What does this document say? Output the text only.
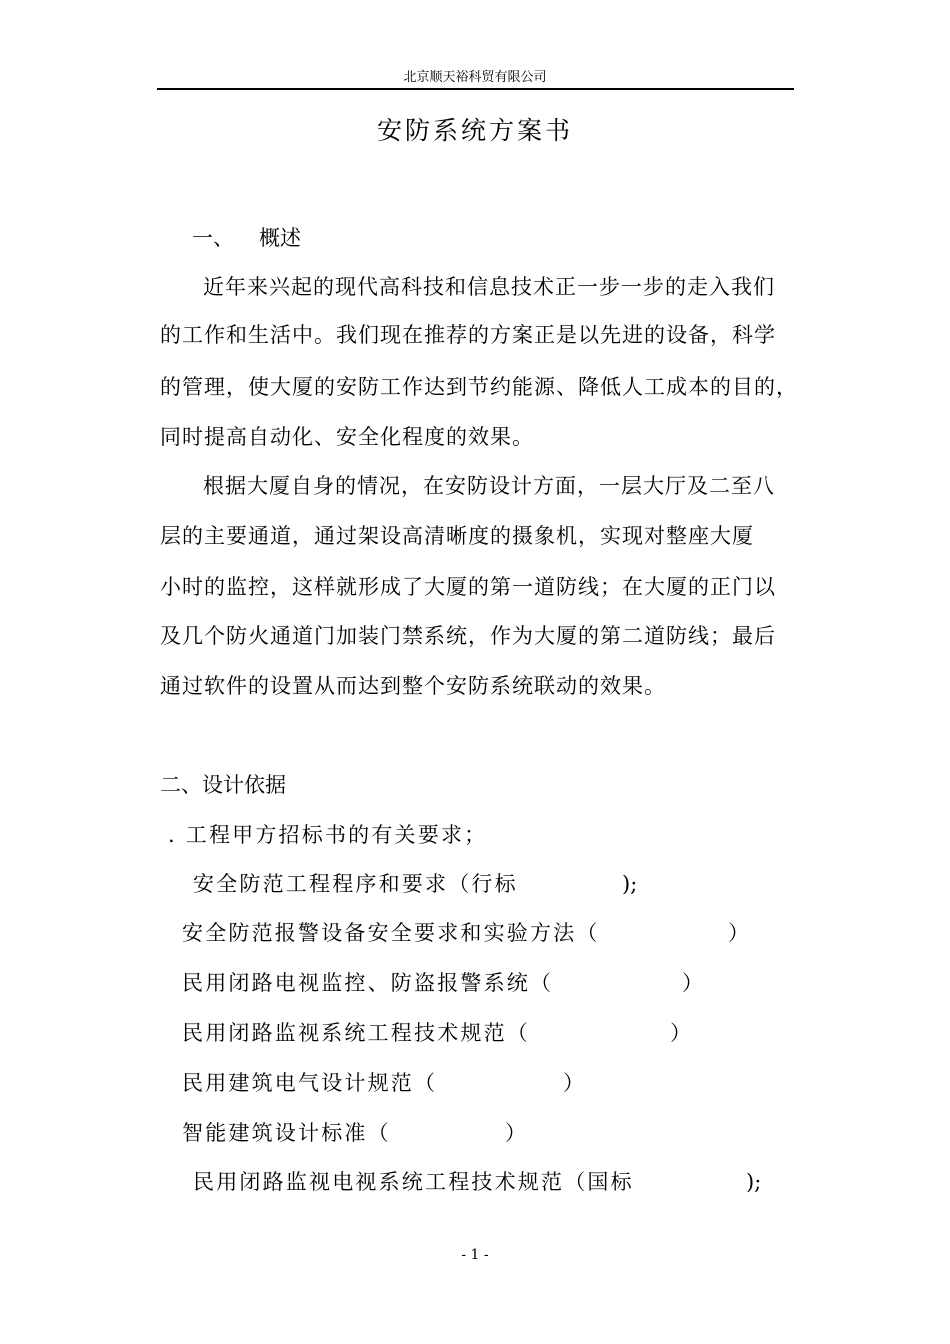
北京顺天裕科贸有限公司
安防系统方案书
一、 概述
近年来兴起的现代高科技和信息技术正一步一步的走入我们
的工作和生活中。我们现在推荐的方案正是以先进的设备，科学
的管理，使大厦的安防工作达到节约能源、降低人工成本的目的，
同时提高自动化、安全化程度的效果。
根据大厦自身的情况，在安防设计方面，一层大厅及二至八
层的主要通道，通过架设高清晰度的摄象机，实现对整座大厦
小时的监控，这样就形成了大厦的第一道防线；在大厦的正门以
及几个防火通道门加装门禁系统，作为大厦的第二道防线；最后
通过软件的设置从而达到整个安防系统联动的效果。
二、设计依据
. 工程甲方招标书的有关要求；
安全防范工程程序和要求（行标	);
安全防范报警设备安全要求和实验方法（	）
民用闭路电视监控、防盗报警系统（	）
民用闭路监视系统工程技术规范（	）
民用建筑电气设计规范（	）
智能建筑设计标准（	）
民用闭路监视电视系统工程技术规范（国标	);
- 1 -
